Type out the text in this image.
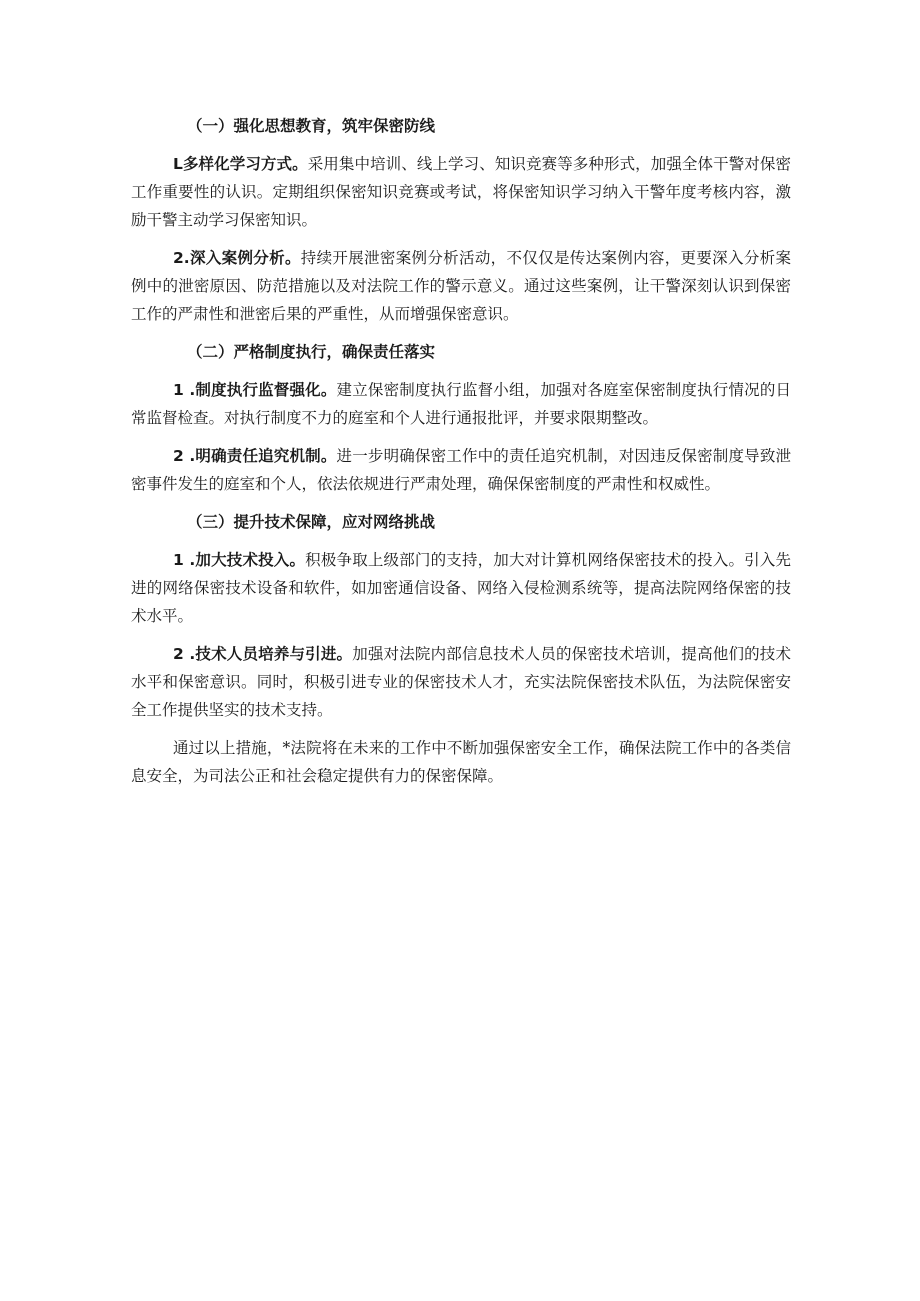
（一）强化思想教育，筑牢保密防线

L多样化学习方式。采用集中培训、线上学习、知识竞赛等多种形式，加强全体干警对保密工作重要性的认识。定期组织保密知识竞赛或考试，将保密知识学习纳入干警年度考核内容，激励干警主动学习保密知识。

2.深入案例分析。持续开展泄密案例分析活动，不仅仅是传达案例内容，更要深入分析案例中的泄密原因、防范措施以及对法院工作的警示意义。通过这些案例，让干警深刻认识到保密工作的严肃性和泄密后果的严重性，从而增强保密意识。

（二）严格制度执行，确保责任落实

1 .制度执行监督强化。建立保密制度执行监督小组，加强对各庭室保密制度执行情况的日常监督检查。对执行制度不力的庭室和个人进行通报批评，并要求限期整改。

2 .明确责任追究机制。进一步明确保密工作中的责任追究机制，对因违反保密制度导致泄密事件发生的庭室和个人，依法依规进行严肃处理，确保保密制度的严肃性和权威性。

（三）提升技术保障，应对网络挑战

1 .加大技术投入。积极争取上级部门的支持，加大对计算机网络保密技术的投入。引入先进的网络保密技术设备和软件，如加密通信设备、网络入侵检测系统等，提高法院网络保密的技术水平。

2 .技术人员培养与引进。加强对法院内部信息技术人员的保密技术培训，提高他们的技术水平和保密意识。同时，积极引进专业的保密技术人才，充实法院保密技术队伍，为法院保密安全工作提供坚实的技术支持。

通过以上措施，*法院将在未来的工作中不断加强保密安全工作，确保法院工作中的各类信息安全，为司法公正和社会稳定提供有力的保密保障。
